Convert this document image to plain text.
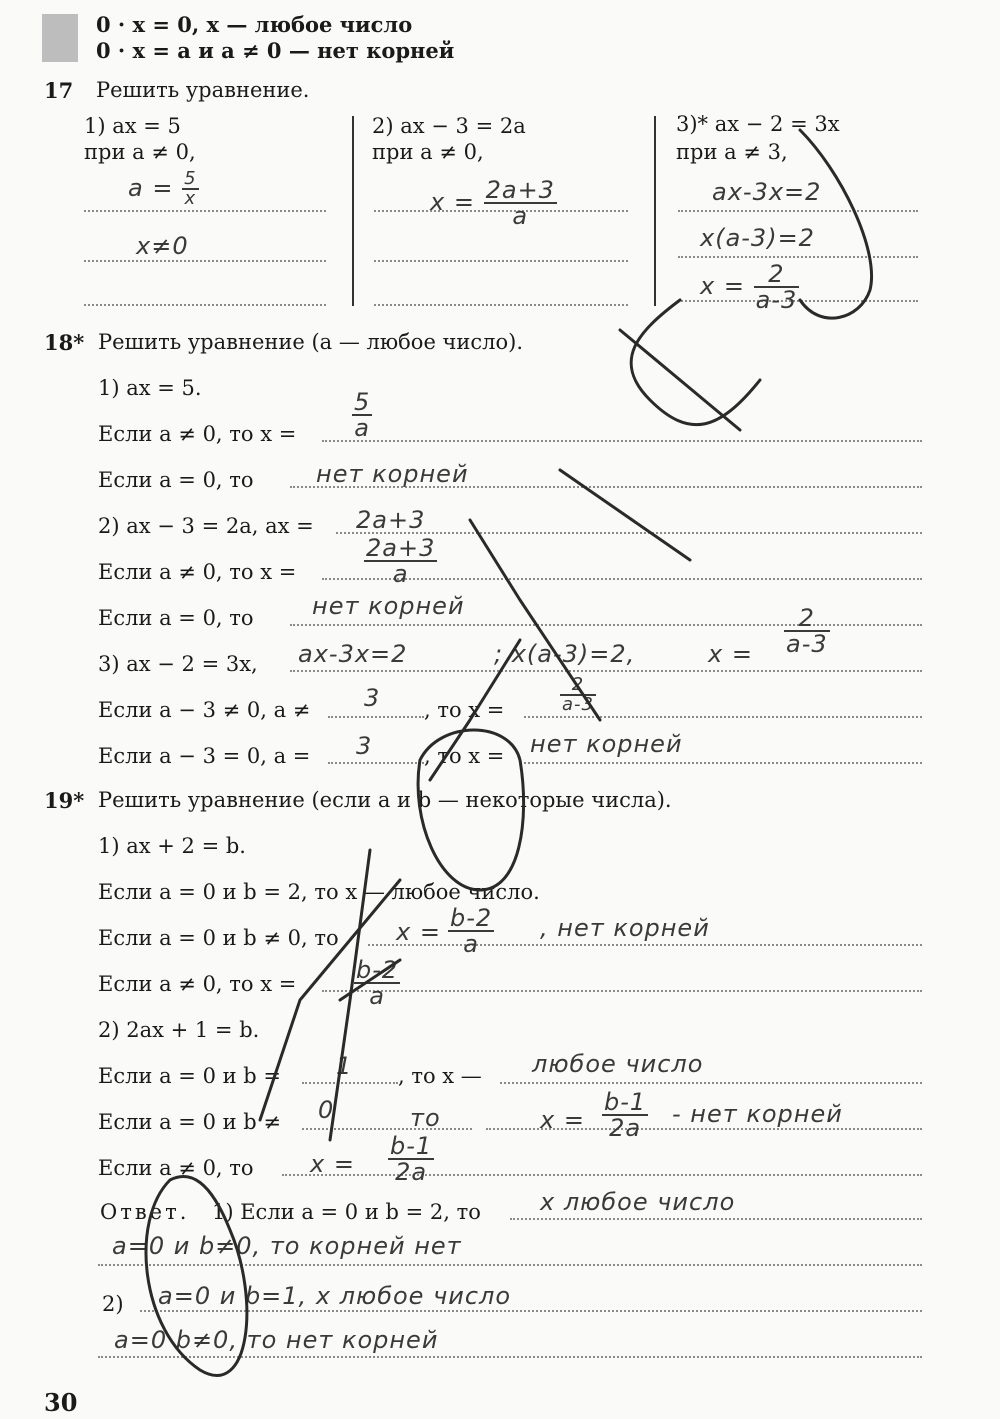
0 · x = 0, x — любое число
0 · x = a и a ≠ 0 — нет корней
17 Решить уравнение.
1) ax = 5
при a ≠ 0,
$a = \frac{5}{x}$
x≠0
2) ax − 3 = 2a
при a ≠ 0,
$x = \frac{2a+3}{a}$
3)* ax − 2 = 3x
при a ≠ 3,
ax-3x=2
x(a-3)=2
$x = \frac{2}{a-3}$
18* Решить уравнение (a — любое число).
1) ax = 5.
Если a ≠ 0, то $x = \frac{5}{a}$
Если a = 0, то	нет корней
2) ax − 3 = 2a, ax = 2a+3
Если a ≠ 0, то x =	$\frac{2a+3}{a}$
Если a = 0, то нет корней
3) ax − 2 = 3x, ax-3x=2	; x(a-3)=2,	$x = \frac{2}{a-3}$
Если a − 3 ≠ 0, a ≠ 3 , то x =	$\frac{2}{a-3}$
Если a − 3 = 0, a = 3 , то x = нет корней
19* Решить уравнение (если a и b — некоторые числа).
1) ax + 2 = b.
Если a = 0 и b = 2, то x — любое число.
Если a = 0 и b ≠ 0, то $x = \frac{b-2}{a}$ , нет корней
Если a ≠ 0, то $x = \frac{b-2}{a}$
2) 2ax + 1 = b.
Если a = 0 и b = 1 , то x — любое число
Если a = 0 и b ≠ 0	то	$x = \frac{b-1}{2a}$ - нет корней
Если a ≠ 0, то $x = \frac{b-1}{2a}$
Ответ. 1) Если a = 0 и b = 2, то x любое число
a=0 и b≠0, то корней нет
2) a=0 и b=1, x любое число
a=0 b≠0, то нет корней
30
